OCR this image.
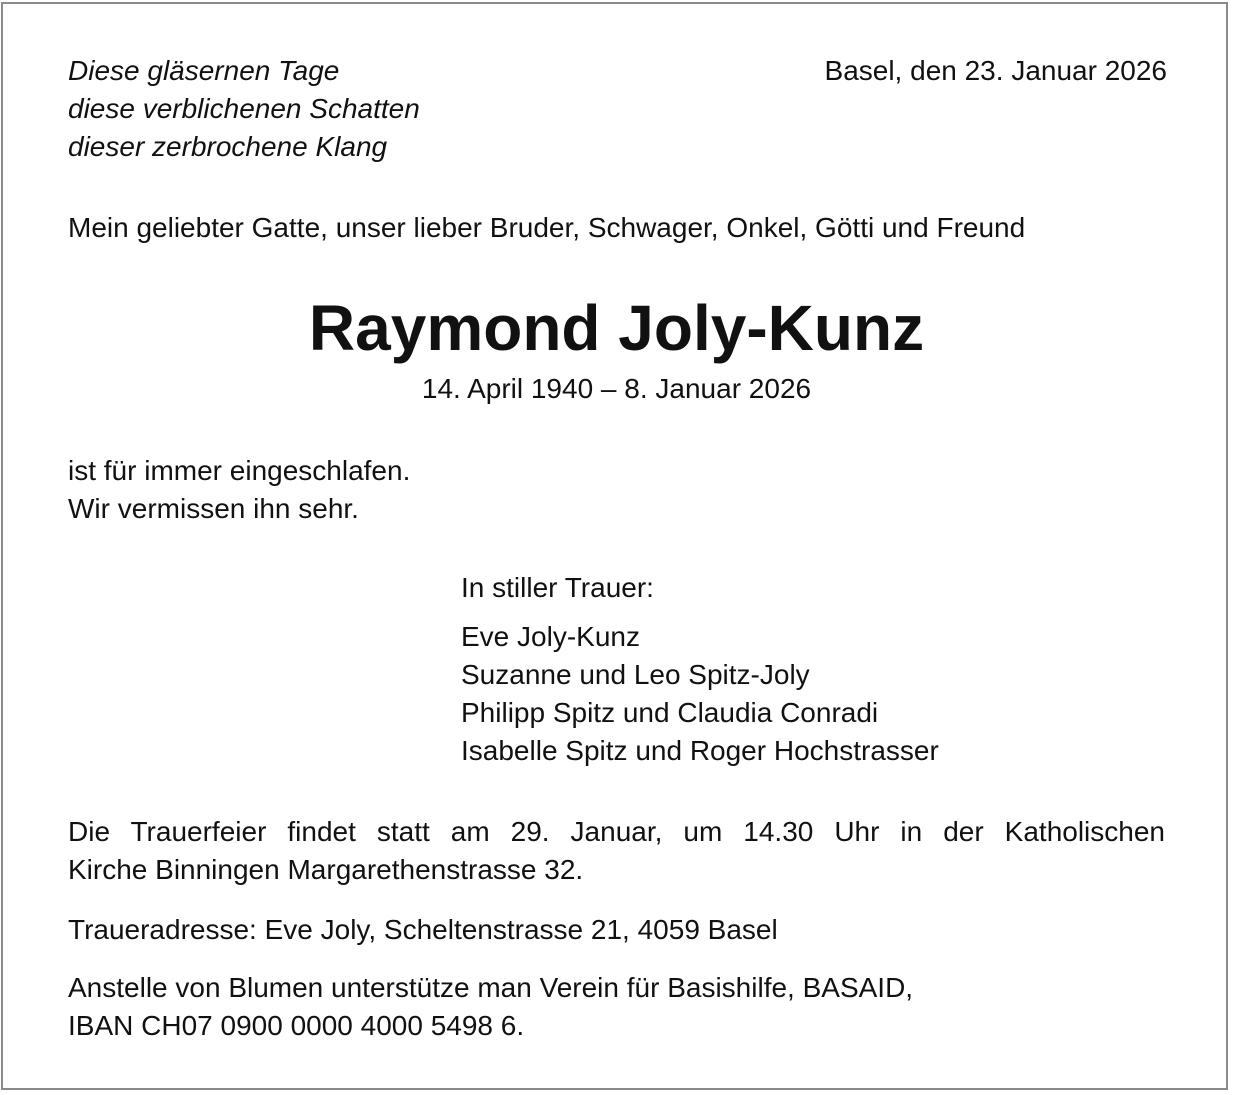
Diese gläsernen Tage
diese verblichenen Schatten
dieser zerbrochene Klang
Basel, den 23. Januar 2026
Mein geliebter Gatte, unser lieber Bruder, Schwager, Onkel, Götti und Freund
Raymond Joly-Kunz
14. April 1940 – 8. Januar 2026
ist für immer eingeschlafen.
Wir vermissen ihn sehr.
In stiller Trauer:
Eve Joly-Kunz
Suzanne und Leo Spitz-Joly
Philipp Spitz und Claudia Conradi
Isabelle Spitz und Roger Hochstrasser
Die Trauerfeier findet statt am 29. Januar, um 14.30 Uhr in der Katholischen
Kirche Binningen Margarethenstrasse 32.
Traueradresse: Eve Joly, Scheltenstrasse 21, 4059 Basel
Anstelle von Blumen unterstütze man Verein für Basishilfe, BASAID,
IBAN CH07 0900 0000 4000 5498 6.
